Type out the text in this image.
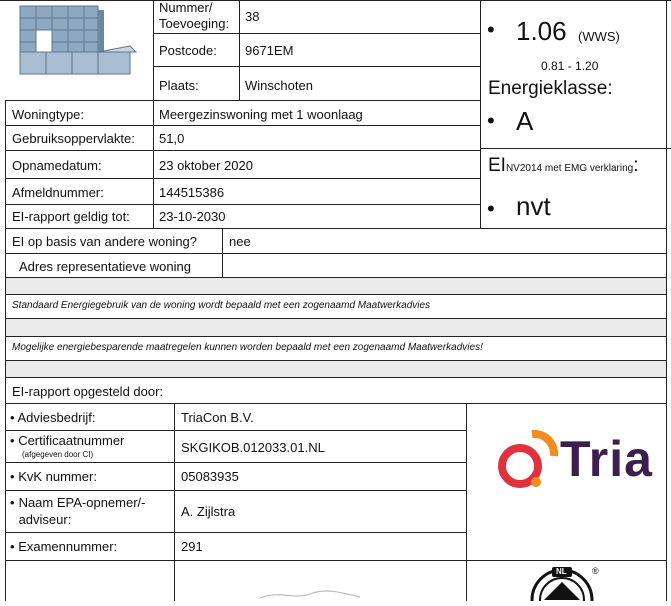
Nummer/ Toevoeging:	38
Postcode: 9671EM
Plaats:	Winschoten
Woningtype:	Meergezinswoning met 1 woonlaag
Gebruiksoppervlakte: 51,0
Opnamedatum:	23 oktober 2020
Afmeldnummer:	144515386
EI-rapport geldig tot: 23-10-2030
EI op basis van andere woning? nee
Adres representatieve woning
• 1.06 (WWS)
0.81 - 1.20
Energieklasse:
• A
EINV2014 met EMG verklaring:
• nvt
Standaard Energiegebruik van de woning wordt bepaald met een zogenaamd Maatwerkadvies
Mogelijke energiebesparende maatregelen kunnen worden bepaald met een zogenaamd Maatwerkadvies!
EI-rapport opgesteld door:
• Adviesbedrijf:	TriaCon B.V.
• Certificaatnummer
(afgegeven door CI)	SKGIKOB.012033.01.NL
• KvK nummer:	05083935
• Naam EPA-opnemer/-adviseur:
A. Zijlstra
• Examennummer:	291
Tria
NL	®
